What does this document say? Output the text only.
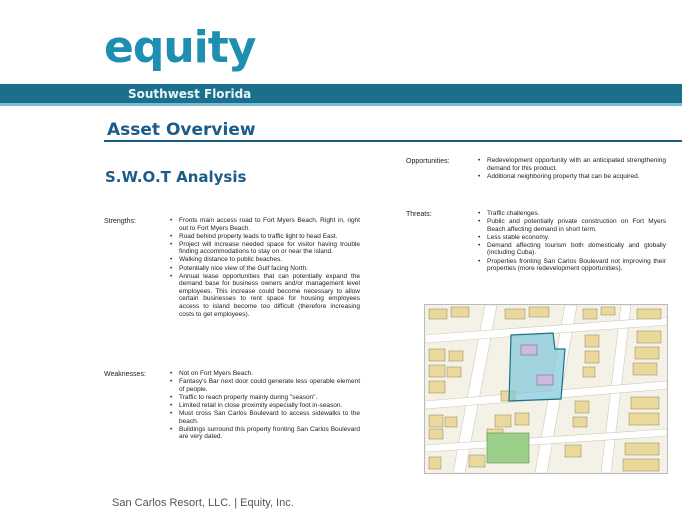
equity
Southwest Florida
Asset Overview
S.W.O.T Analysis
Strengths:	• Fronts main access road to Fort Myers Beach. Right in, right out to Fort Myers Beach.
• Road behind property leads to traffic light to head East.
• Project will increase needed space for visitor having trouble finding accommodations to stay on or near the island.
• Walking distance to public beaches.
• Potentially nice view of the Gulf facing North.
• Annual lease opportunities that can potentially expand the demand base for business owners and/or management level employees. This increase could become necessary to allow certain businesses to rent space for housing employees access to island become too difficult (therefore increasing costs to get employees).
Weaknesses:	• Not on Fort Myers Beach.
• Fantasy's Bar next door could generate less operable element of people.
• Traffic to reach property mainly during "season".
• Limited retail in close proximity especially foot in-season.
• Must cross San Carlos Boulevard to access sidewalks to the beach.
• Buildings surround this property fronting San Carlos Boulevard are very dated.
Opportunities:	• Redevelopment opportunity with an anticipated strengthening demand for this product.
• Additional neighboring property that can be acquired.
Threats:	• Traffic challenges.
• Public and potentially private construction on Fort Myers Beach affecting demand in short term.
• Less stable economy.
• Demand affecting tourism both domestically and globally (including Cuba).
• Properties fronting San Carlos Boulevard not improving their properties (more redevelopment opportunities).
San Carlos Resort, LLC. | Equity, Inc.
